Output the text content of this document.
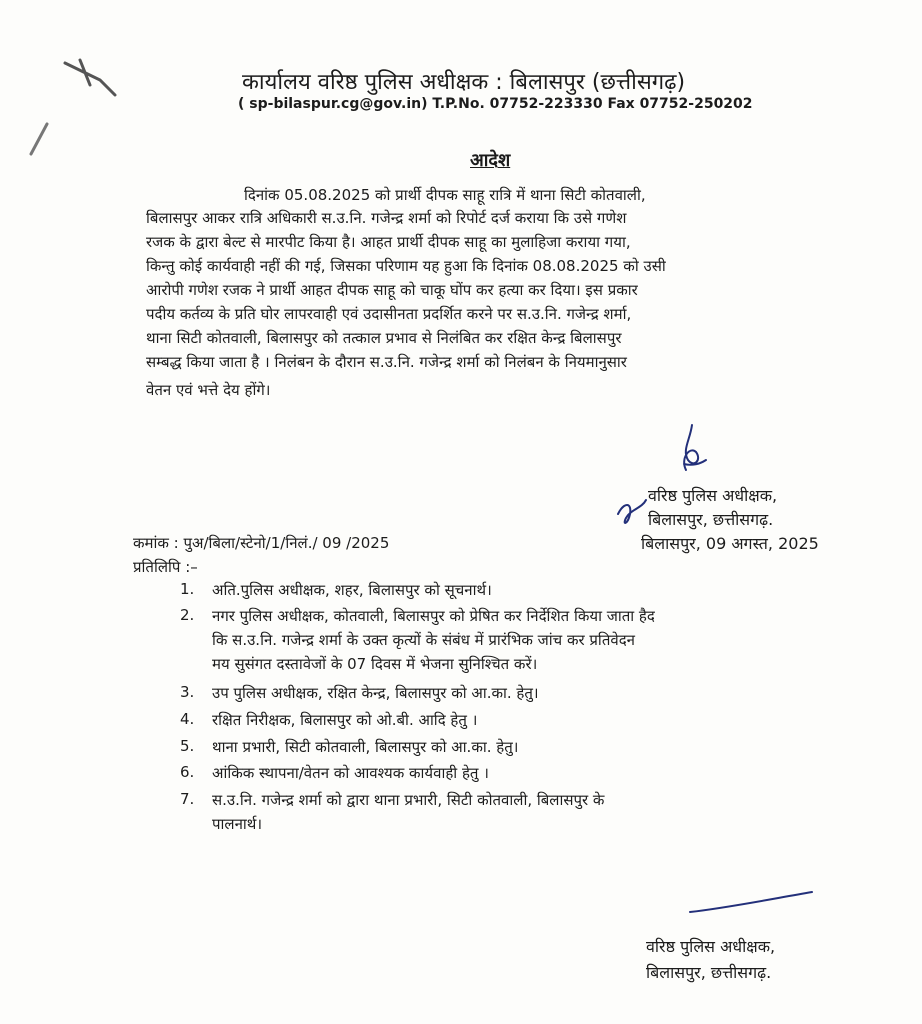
कार्यालय वरिष्ठ पुलिस अधीक्षक : बिलासपुर (छत्तीसगढ़)
( sp-bilaspur.cg@gov.in) T.P.No. 07752-223330 Fax 07752-250202
आदेश
दिनांक 05.08.2025 को प्रार्थी दीपक साहू रात्रि में थाना सिटी कोतवाली,
बिलासपुर आकर रात्रि अधिकारी स.उ.नि. गजेन्द्र शर्मा को रिपोर्ट दर्ज कराया कि उसे गणेश
रजक के द्वारा बेल्ट से मारपीट किया है। आहत प्रार्थी दीपक साहू का मुलाहिजा कराया गया,
किन्तु कोई कार्यवाही नहीं की गई, जिसका परिणाम यह हुआ कि दिनांक 08.08.2025 को उसी
आरोपी गणेश रजक ने प्रार्थी आहत दीपक साहू को चाकू घोंप कर हत्या कर दिया। इस प्रकार
पदीय कर्तव्य के प्रति घोर लापरवाही एवं उदासीनता प्रदर्शित करने पर स.उ.नि. गजेन्द्र शर्मा,
थाना सिटी कोतवाली, बिलासपुर को तत्काल प्रभाव से निलंबित कर रक्षित केन्द्र बिलासपुर
सम्बद्ध किया जाता है । निलंबन के दौरान स.उ.नि. गजेन्द्र शर्मा को निलंबन के नियमानुसार
वेतन एवं भत्ते देय होंगे।
वरिष्ठ पुलिस अधीक्षक,
बिलासपुर, छत्तीसगढ़.
कमांक : पुअ/बिला/स्टेनो/1/निलं./ 09 /2025	बिलासपुर, 09 अगस्त, 2025
प्रतिलिपि :–
1.	अति.पुलिस अधीक्षक, शहर, बिलासपुर को सूचनार्थ।
2.	नगर पुलिस अधीक्षक, कोतवाली, बिलासपुर को प्रेषित कर निर्देशित किया जाता हैद
कि स.उ.नि. गजेन्द्र शर्मा के उक्त कृत्यों के संबंध में प्रारंभिक जांच कर प्रतिवेदन
मय सुसंगत दस्तावेजों के 07 दिवस में भेजना सुनिश्चित करें।
3.	उप पुलिस अधीक्षक, रक्षित केन्द्र, बिलासपुर को आ.का. हेतु।
4.	रक्षित निरीक्षक, बिलासपुर को ओ.बी. आदि हेतु ।
5.	थाना प्रभारी, सिटी कोतवाली, बिलासपुर को आ.का. हेतु।
6.	आंकिक स्थापना/वेतन को आवश्यक कार्यवाही हेतु ।
7.	स.उ.नि. गजेन्द्र शर्मा को द्वारा थाना प्रभारी, सिटी कोतवाली, बिलासपुर के
पालनार्थ।
वरिष्ठ पुलिस अधीक्षक,
बिलासपुर, छत्तीसगढ़.
